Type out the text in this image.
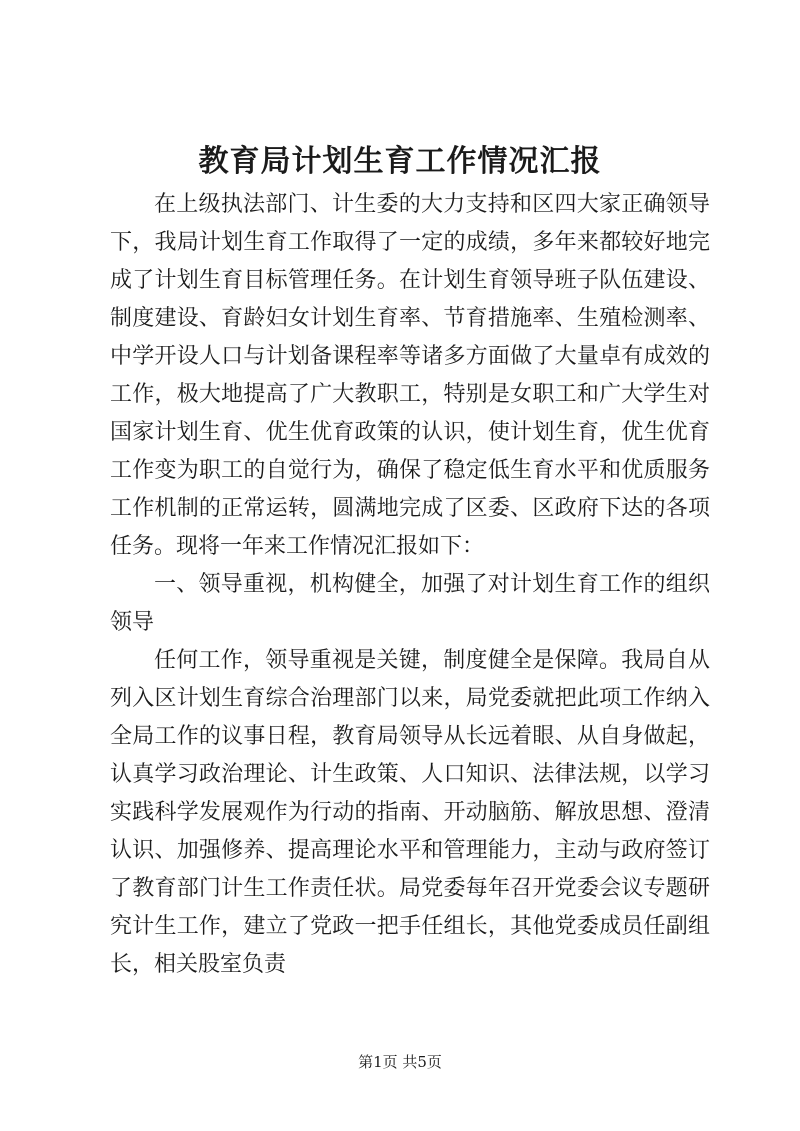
教育局计划生育工作情况汇报

在上级执法部门、计生委的大力支持和区四大家正确领导下，我局计划生育工作取得了一定的成绩，多年来都较好地完成了计划生育目标管理任务。在计划生育领导班子队伍建设、制度建设、育龄妇女计划生育率、节育措施率、生殖检测率、中学开设人口与计划备课程率等诸多方面做了大量卓有成效的工作，极大地提高了广大教职工，特别是女职工和广大学生对国家计划生育、优生优育政策的认识，使计划生育，优生优育工作变为职工的自觉行为，确保了稳定低生育水平和优质服务工作机制的正常运转，圆满地完成了区委、区政府下达的各项任务。现将一年来工作情况汇报如下：

一、领导重视，机构健全，加强了对计划生育工作的组织领导

任何工作，领导重视是关键，制度健全是保障。我局自从列入区计划生育综合治理部门以来，局党委就把此项工作纳入全局工作的议事日程，教育局领导从长远着眼、从自身做起，认真学习政治理论、计生政策、人口知识、法律法规，以学习实践科学发展观作为行动的指南、开动脑筋、解放思想、澄清认识、加强修养、提高理论水平和管理能力，主动与政府签订了教育部门计生工作责任状。局党委每年召开党委会议专题研究计生工作，建立了党政一把手任组长，其他党委成员任副组长，相关股室负责

第1页 共5页
